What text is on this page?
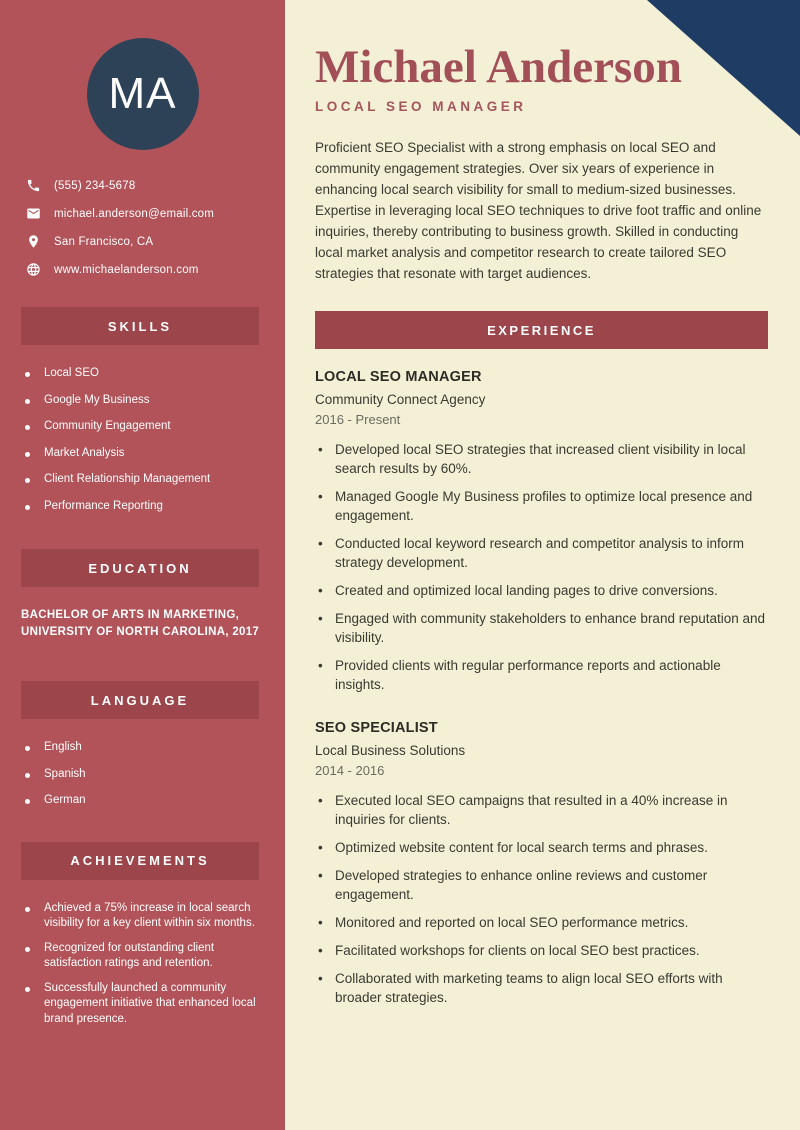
MA
(555) 234-5678
michael.anderson@email.com
San Francisco, CA
www.michaelanderson.com
SKILLS
Local SEO
Google My Business
Community Engagement
Market Analysis
Client Relationship Management
Performance Reporting
EDUCATION

BACHELOR OF ARTS IN MARKETING, UNIVERSITY OF NORTH CAROLINA, 2017

LANGUAGE
English
Spanish
German
ACHIEVEMENTS
Achieved a 75% increase in local search visibility for a key client within six months.
Recognized for outstanding client satisfaction ratings and retention.
Successfully launched a community engagement initiative that enhanced local brand presence.
Michael Anderson
LOCAL SEO MANAGER

Proficient SEO Specialist with a strong emphasis on local SEO and community engagement strategies. Over six years of experience in enhancing local search visibility for small to medium-sized businesses. Expertise in leveraging local SEO techniques to drive foot traffic and online inquiries, thereby contributing to business growth. Skilled in conducting local market analysis and competitor research to create tailored SEO strategies that resonate with target audiences.

EXPERIENCE
LOCAL SEO MANAGER
Community Connect Agency
2016 - Present
• Developed local SEO strategies that increased client visibility in local search results by 60%.
• Managed Google My Business profiles to optimize local presence and engagement.
• Conducted local keyword research and competitor analysis to inform strategy development.
• Created and optimized local landing pages to drive conversions.
• Engaged with community stakeholders to enhance brand reputation and visibility.
• Provided clients with regular performance reports and actionable insights.
SEO SPECIALIST
Local Business Solutions
2014 - 2016
• Executed local SEO campaigns that resulted in a 40% increase in inquiries for clients.
• Optimized website content for local search terms and phrases.
• Developed strategies to enhance online reviews and customer engagement.
• Monitored and reported on local SEO performance metrics.
• Facilitated workshops for clients on local SEO best practices.
• Collaborated with marketing teams to align local SEO efforts with broader strategies.
